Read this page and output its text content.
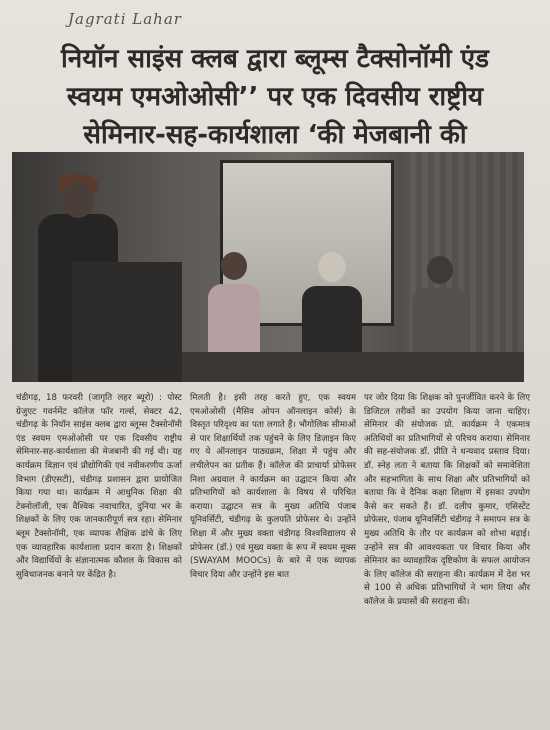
Jagrati Lahar
नियॉन साइंस क्लब द्वारा ब्लूम्स टैक्सोनॉमी एंड
स्वयम एमओओसी’’ पर एक दिवसीय राष्ट्रीय
सेमिनार-सह-कार्यशाला ‘की मेजबानी की

चंडीगढ़, 18 फरवरी (जागृति लहर ब्यूरो) : पोस्ट ग्रेजुएट गवर्नमेंट कॉलेज फॉर गर्ल्स, सेक्टर 42, चंडीगढ़ के नियॉन साइंस क्लब द्वारा ब्लूम्स टैक्सोनॉमी एंड स्वयम एमओओसी पर एक दिवसीय राष्ट्रीय सेमिनार-सह-कार्यशाला की मेजबानी की गई थी। यह कार्यक्रम विज्ञान एवं प्रौद्योगिकी एवं नवीकरणीय ऊर्जा विभाग (डीएसटी), चंडीगढ़ प्रशासन द्वारा प्रायोजित किया गया था। कार्यक्रम में आधुनिक शिक्षा की टेक्नोलॉजी, एक वैश्विक नवाचारित, दुनिया भर के शिक्षकों के लिए एक जानकारीपूर्ण सत्र रहा। सेमिनार ब्लूम टैक्सोनॉमी, एक व्यापक शैक्षिक ढांचे के लिए एक व्यावहारिक कार्यशाला प्रदान करता है। शिक्षकों और विद्यार्थियों के संज्ञानात्मक कौशल के विकास को सुविधाजनक बनाने पर केंद्रित है।

मिलती है। इसी तरह करते हुए, एक स्वयम एमओओसी (मैसिव ओपन ऑनलाइन कोर्स) के विस्तृत परिदृश्य का पता लगाते हैं। भौगोलिक सीमाओं से पार शिक्षार्थियों तक पहुंचने के लिए डिज़ाइन किए गए ये ऑनलाइन पाठ्यक्रम, शिक्षा में पहुंच और लचीलेपन का प्रतीक हैं। कॉलेज की प्राचार्या प्रोफेसर निशा अग्रवाल ने कार्यक्रम का उद्घाटन किया और प्रतिभागियों को कार्यशाला के विषय से परिचित कराया। उद्घाटन सत्र के मुख्य अतिथि पंजाब यूनिवर्सिटी, चंडीगढ़ के कुलपति प्रोफेसर थे। उन्होंने शिक्षा में और मुख्य वक्ता चंडीगढ़ विश्वविद्यालय से प्रोफेसर (डॉ.) एवं मुख्य वक्ता के रूप में स्वयम मूक्स (SWAYAM MOOCs) के बारे में एक व्यापक विचार दिया और उन्होंने इस बात

पर जोर दिया कि शिक्षक को पुनर्जीवित करने के लिए डिजिटल तरीकों का उपयोग किया जाना चाहिए। सेमिनार की संयोजक प्रो. कार्यक्रम ने एकमात्र अतिथियों का प्रतिभागियों से परिचय कराया। सेमिनार की सह-संयोजक डॉ. प्रीति ने धन्यवाद प्रस्ताव दिया। डॉ. स्नेह लता ने बताया कि शिक्षकों को समावेशिता और सहभागिता के साथ शिक्षा और प्रतिभागियों को बताया कि वे दैनिक कक्षा शिक्षण में इसका उपयोग कैसे कर सकते हैं। डॉ. दलीप कुमार, एसिस्टेंट प्रोफेसर, पंजाब यूनिवर्सिटी चंडीगढ़ ने समापन सत्र के मुख्य अतिथि के तौर पर कार्यक्रम को शोभा बढ़ाई। उन्होंने सत्र की आवश्यकता पर विचार किया और सेमिनार का व्यावहारिक दृष्टिकोण के सफल आयोजन के लिए कॉलेज की सराहना की। कार्यक्रम में देश भर से 100 से अधिक प्रतिभागियों ने भाग लिया और कॉलेज के प्रयासों की सराहना की।
